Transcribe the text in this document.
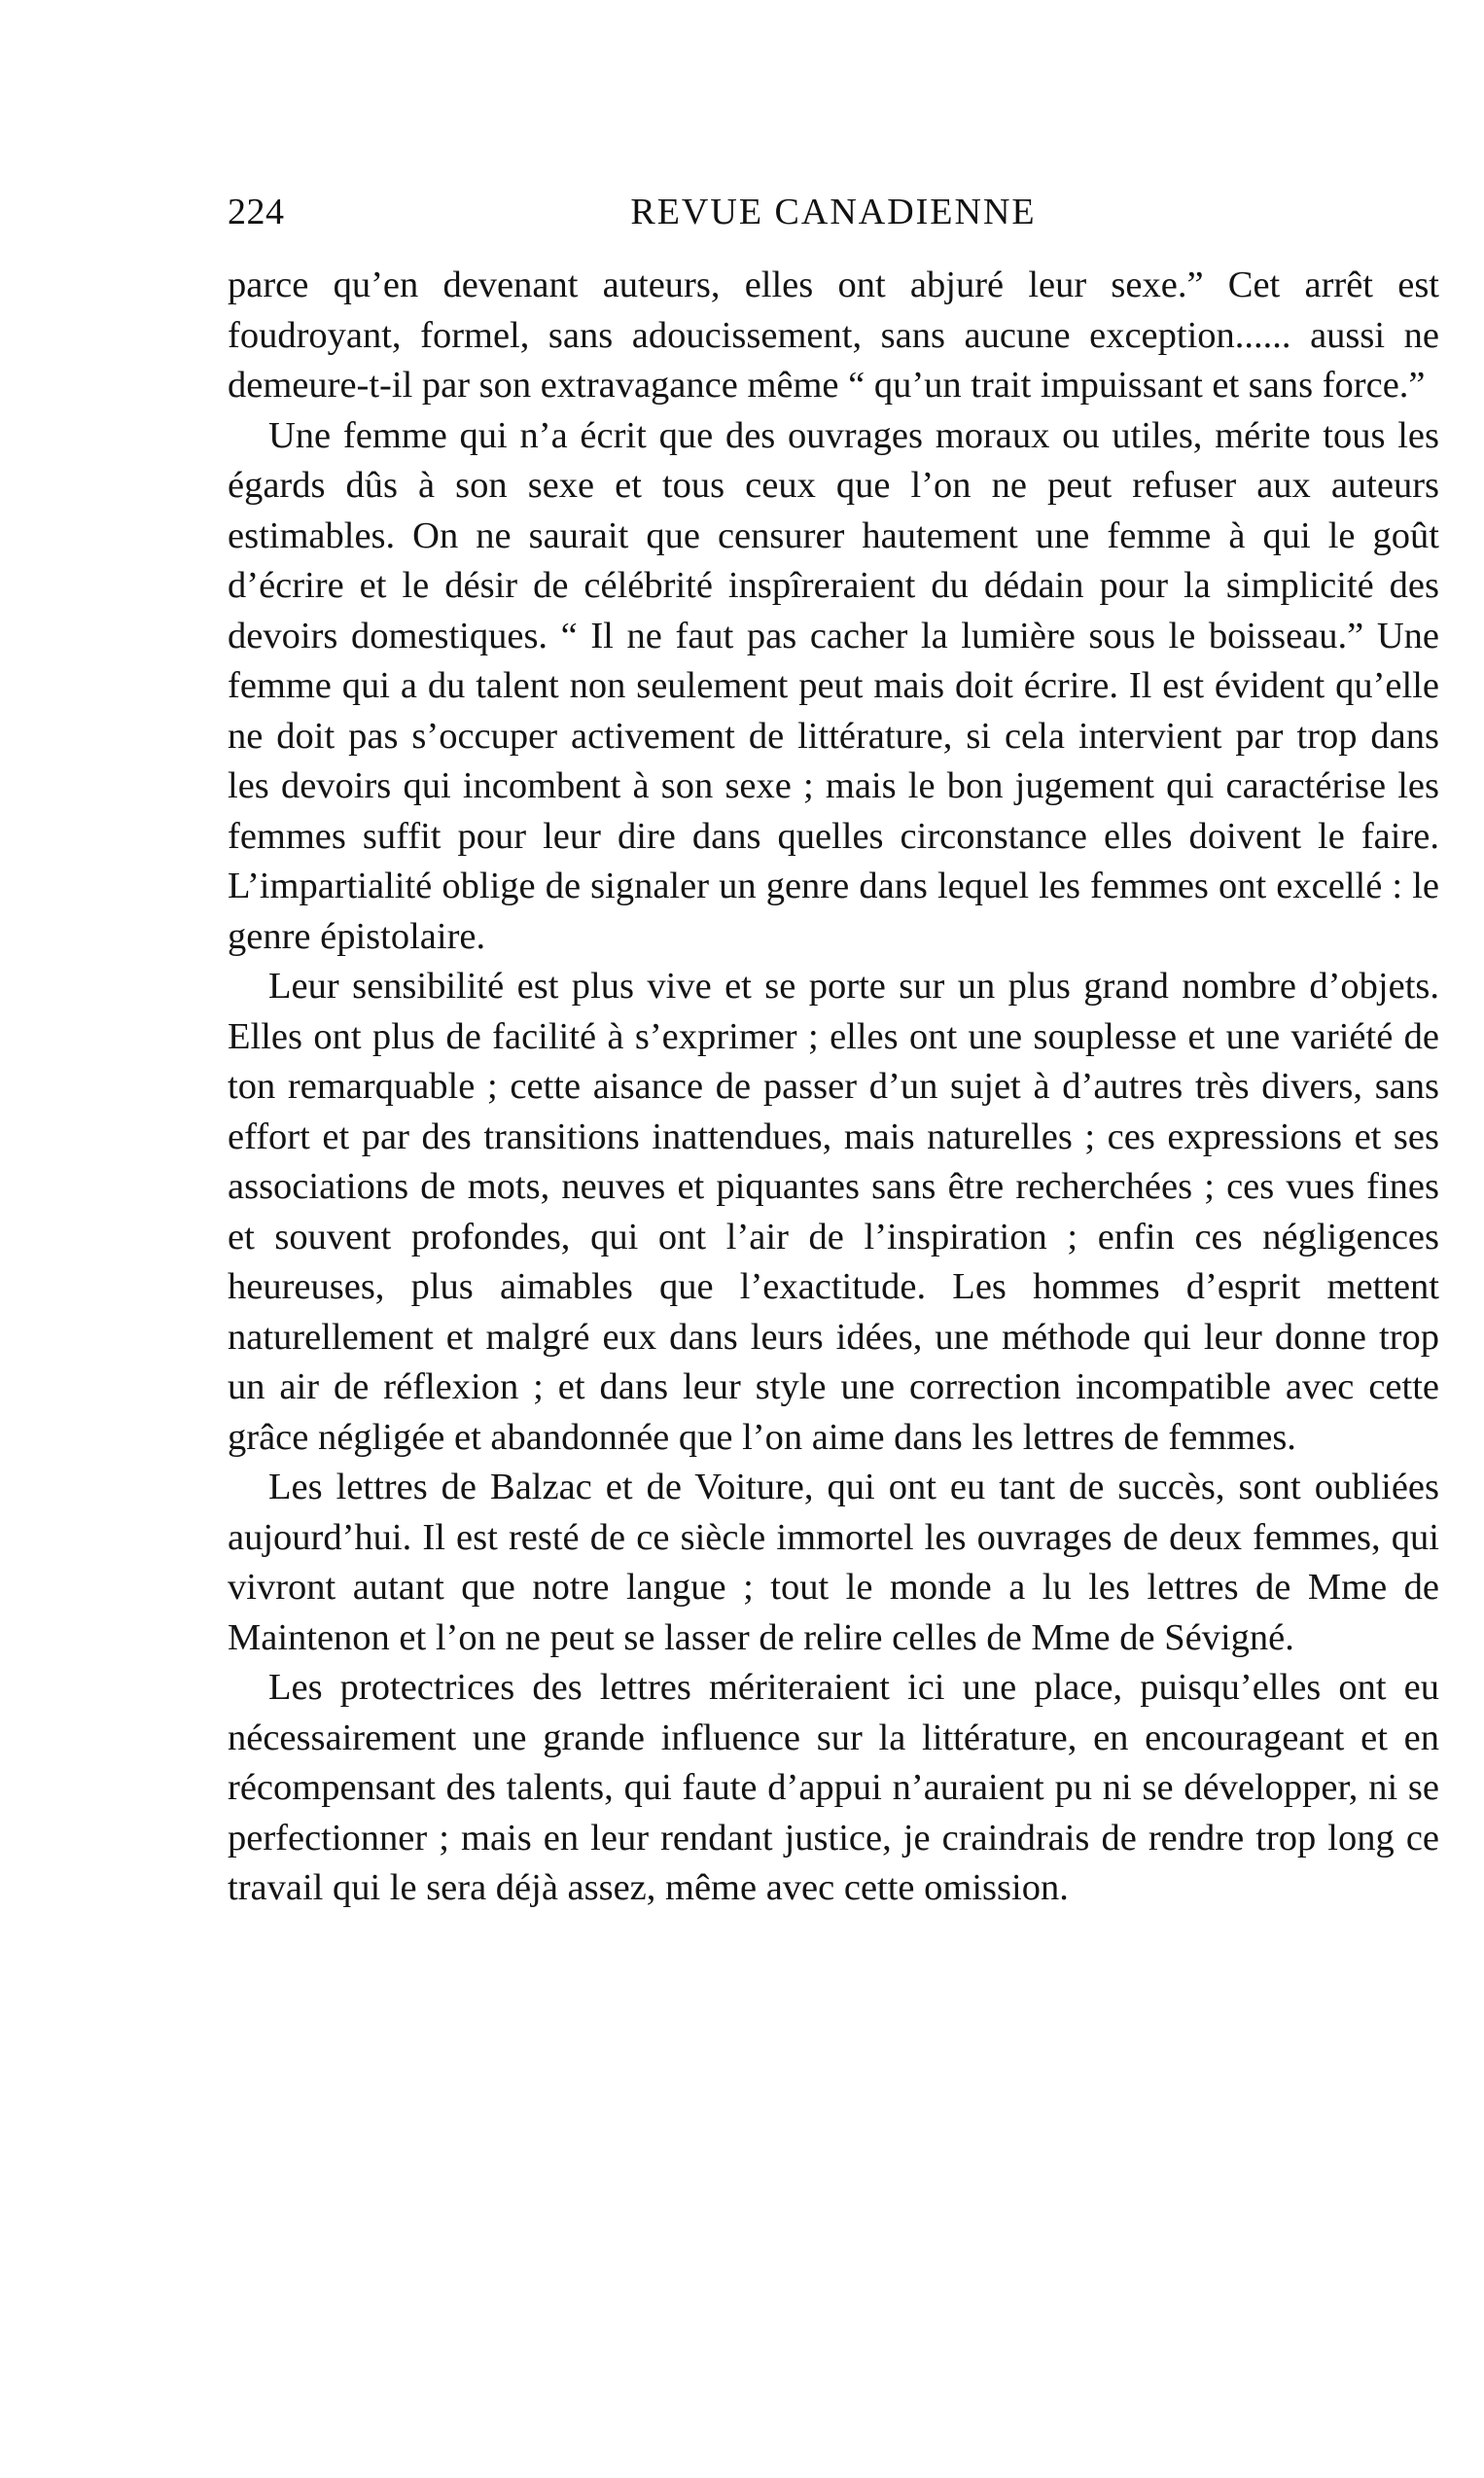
224	REVUE CANADIENNE

parce qu’en devenant auteurs, elles ont abjuré leur sexe.” Cet arrêt est foudroyant, formel, sans adoucissement, sans aucune exception...... aussi ne demeure-t-il par son extravagance même “ qu’un trait impuissant et sans force.”

Une femme qui n’a écrit que des ouvrages moraux ou utiles, mérite tous les égards dûs à son sexe et tous ceux que l’on ne peut refuser aux auteurs estimables. On ne saurait que censurer hautement une femme à qui le goût d’écrire et le désir de célébrité inspîreraient du dédain pour la simplicité des devoirs domestiques. “ Il ne faut pas cacher la lumière sous le boisseau.” Une femme qui a du talent non seulement peut mais doit écrire. Il est évident qu’elle ne doit pas s’occuper activement de littérature, si cela intervient par trop dans les devoirs qui incombent à son sexe ; mais le bon jugement qui caractérise les femmes suffit pour leur dire dans quelles circonstance elles doivent le faire. L’impartialité oblige de signaler un genre dans lequel les femmes ont excellé : le genre épistolaire.

Leur sensibilité est plus vive et se porte sur un plus grand nombre d’objets. Elles ont plus de facilité à s’exprimer ; elles ont une souplesse et une variété de ton remarquable ; cette aisance de passer d’un sujet à d’autres très divers, sans effort et par des transitions inattendues, mais naturelles ; ces expressions et ses associations de mots, neuves et piquantes sans être recherchées ; ces vues fines et souvent profondes, qui ont l’air de l’inspiration ; enfin ces négligences heureuses, plus aimables que l’exactitude. Les hommes d’esprit mettent naturellement et malgré eux dans leurs idées, une méthode qui leur donne trop un air de réflexion ; et dans leur style une correction incompatible avec cette grâce négligée et abandonnée que l’on aime dans les lettres de femmes.

Les lettres de Balzac et de Voiture, qui ont eu tant de succès, sont oubliées aujourd’hui. Il est resté de ce siècle immortel les ouvrages de deux femmes, qui vivront autant que notre langue ; tout le monde a lu les lettres de Mme de Maintenon et l’on ne peut se lasser de relire celles de Mme de Sévigné.

Les protectrices des lettres mériteraient ici une place, puisqu’elles ont eu nécessairement une grande influence sur la littérature, en encourageant et en récompensant des talents, qui faute d’appui n’auraient pu ni se développer, ni se perfectionner ; mais en leur rendant justice, je craindrais de rendre trop long ce travail qui le sera déjà assez, même avec cette omission.
